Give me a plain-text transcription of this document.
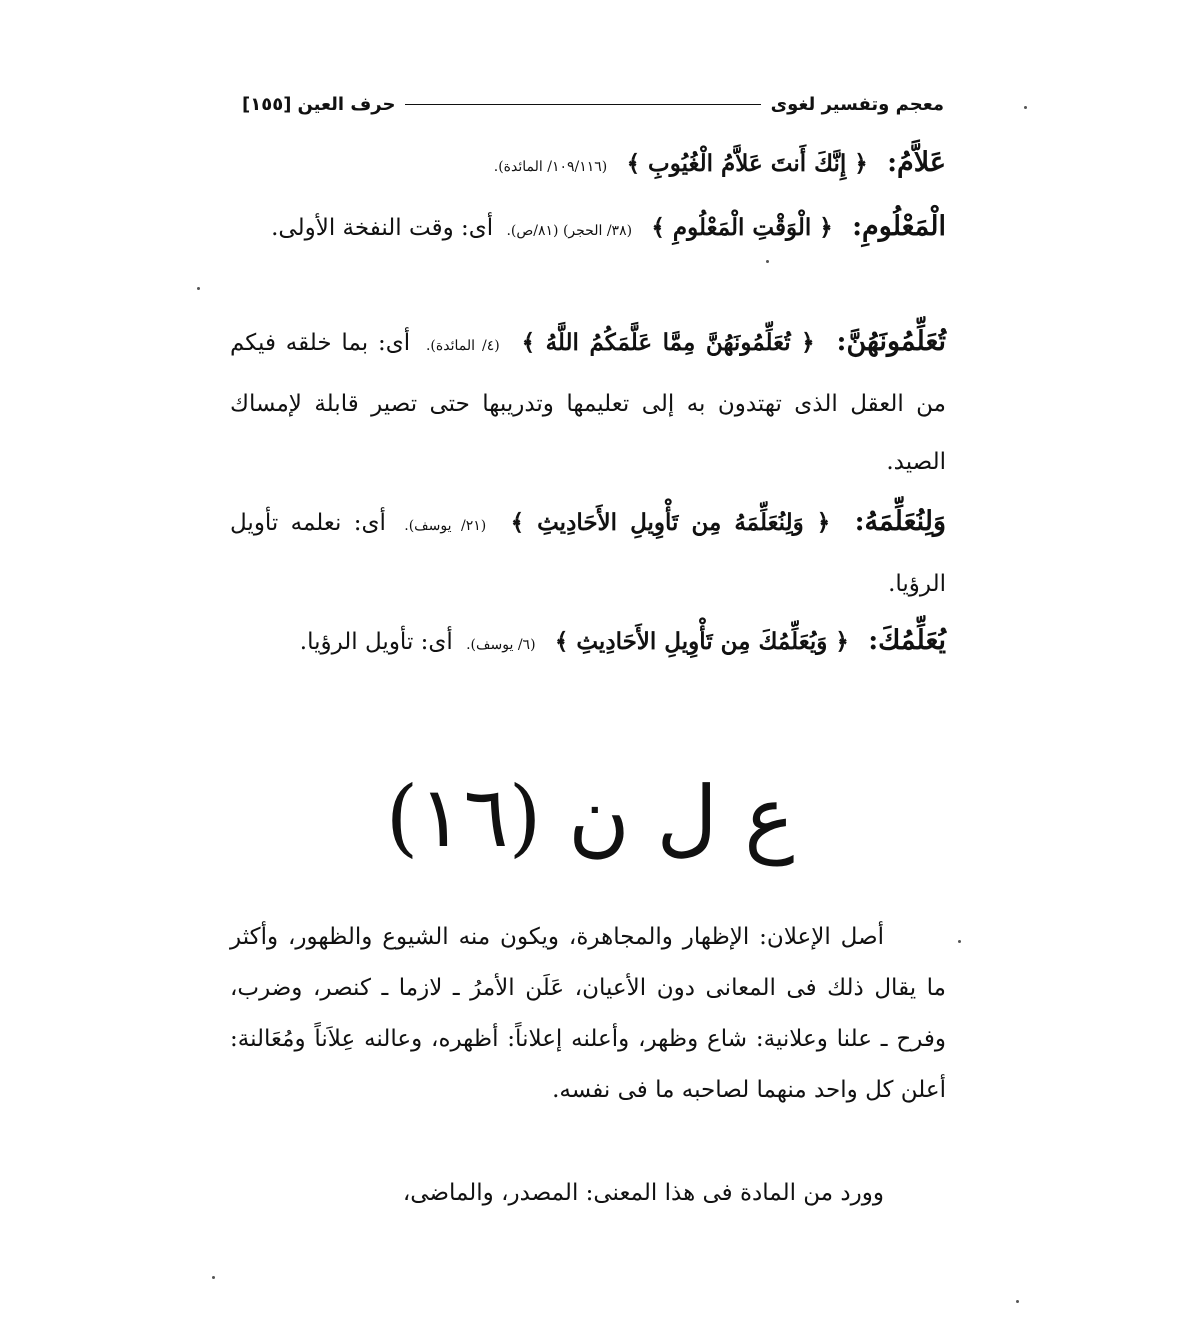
معجم وتفسير لغوى
حرف العين
[١٥٥]
عَلاَّمُ: ﴿ إِنَّكَ أَنتَ عَلاَّمُ الْغُيُوبِ ﴾ (١٠٩/١١٦/ المائدة).
الْمَعْلُومِ: ﴿ الْوَقْتِ الْمَعْلُومِ ﴾ (٣٨/ الحجر) (٨١/ص). أى: وقت النفخة الأولى.
تُعَلِّمُونَهُنَّ: ﴿ تُعَلِّمُونَهُنَّ مِمَّا عَلَّمَكُمُ اللَّهُ ﴾ (٤/ المائدة). أى: بما خلقه فيكم من العقل الذى تهتدون به إلى تعليمها وتدريبها حتى تصير قابلة لإمساك الصيد.
وَلِنُعَلِّمَهُ: ﴿ وَلِنُعَلِّمَهُ مِن تَأْوِيلِ الأَحَادِيثِ ﴾ (٢١/ يوسف). أى: نعلمه تأويل الرؤيا.
يُعَلِّمُكَ: ﴿ وَيُعَلِّمُكَ مِن تَأْوِيلِ الأَحَادِيثِ ﴾ (٦/ يوسف). أى: تأويل الرؤيا.
ع ل ن (١٦)
أصل الإعلان: الإظهار والمجاهرة، ويكون منه الشيوع والظهور، وأكثر ما يقال ذلك فى المعانى دون الأعيان، عَلَن الأمرُ ـ لازما ـ كنصر، وضرب، وفرح ـ علنا وعلانية: شاع وظهر، وأعلنه إعلاناً: أظهره، وعالنه عِلاَناً ومُعَالنة: أعلن كل واحد منهما لصاحبه ما فى نفسه.
وورد من المادة فى هذا المعنى: المصدر، والماضى،
